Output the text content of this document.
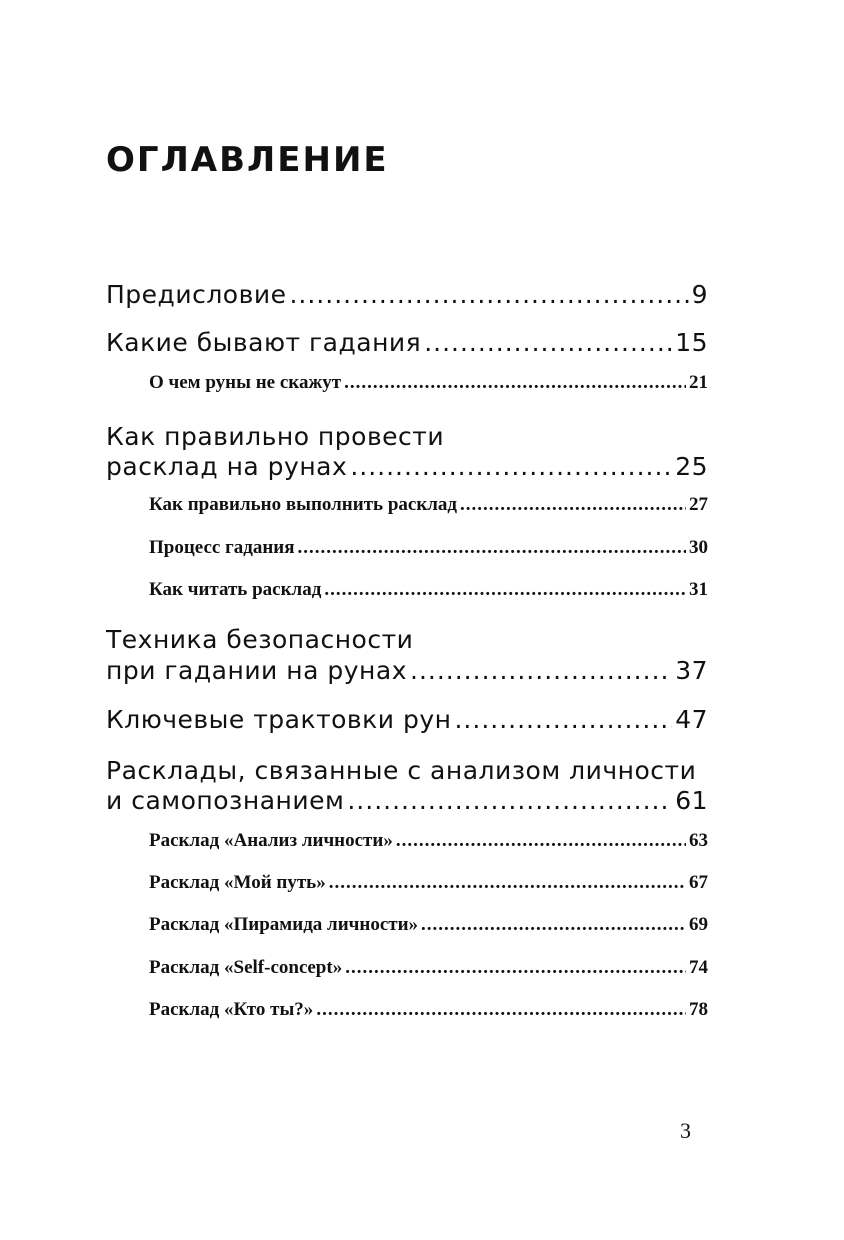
ОГЛАВЛЕНИЕ
Предисловие .....	9
Какие бывают гадания .....	15
О чем руны не скажут .....	21
Как правильно провести
расклад на рунах .....	25
Как правильно выполнить расклад .....	27
Процесс гадания .....	30
Как читать расклад .....	31
Техника безопасности
при гадании на рунах .....	37
Ключевые трактовки рун .....	47
Расклады, связанные с анализом личности
и самопознанием .....	61
Расклад «Анализ личности» .....	63
Расклад «Мой путь» .....	67
Расклад «Пирамида личности» .....	69
Расклад «Self-concept» .....	74
Расклад «Кто ты?» .....	78
3
